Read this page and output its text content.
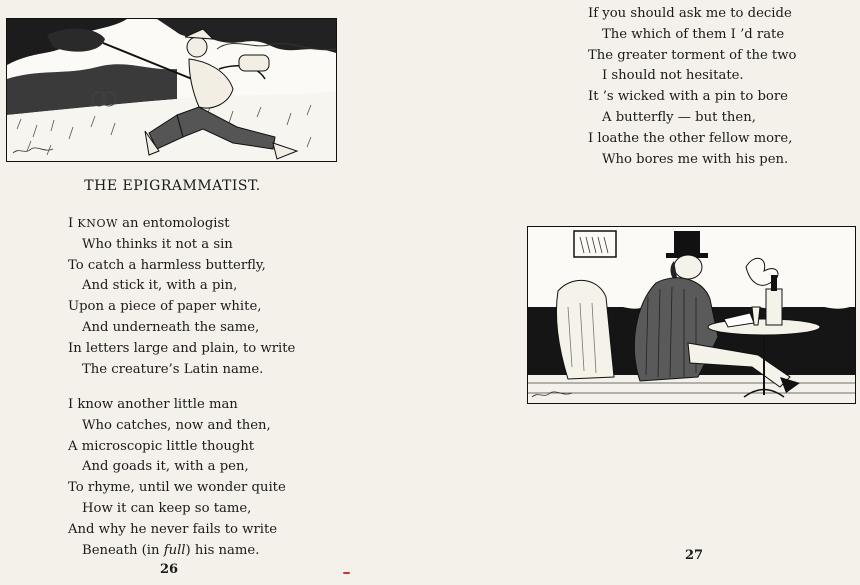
THE EPIGRAMMATIST.
I KNOW an entomologist
Who thinks it not a sin
To catch a harmless butterfly,
And stick it, with a pin,
Upon a piece of paper white,
And underneath the same,
In letters large and plain, to write
The creature’s Latin name.
I know another little man
Who catches, now and then,
A microscopic little thought
And goads it, with a pen,
To rhyme, until we wonder quite
How it can keep so tame,
And why he never fails to write
Beneath (in full) his name.
26
If you should ask me to decide
The which of them I ’d rate
The greater torment of the two
I should not hesitate.
It ’s wicked with a pin to bore
A butterfly — but then,
I loathe the other fellow more,
Who bores me with his pen.
27
